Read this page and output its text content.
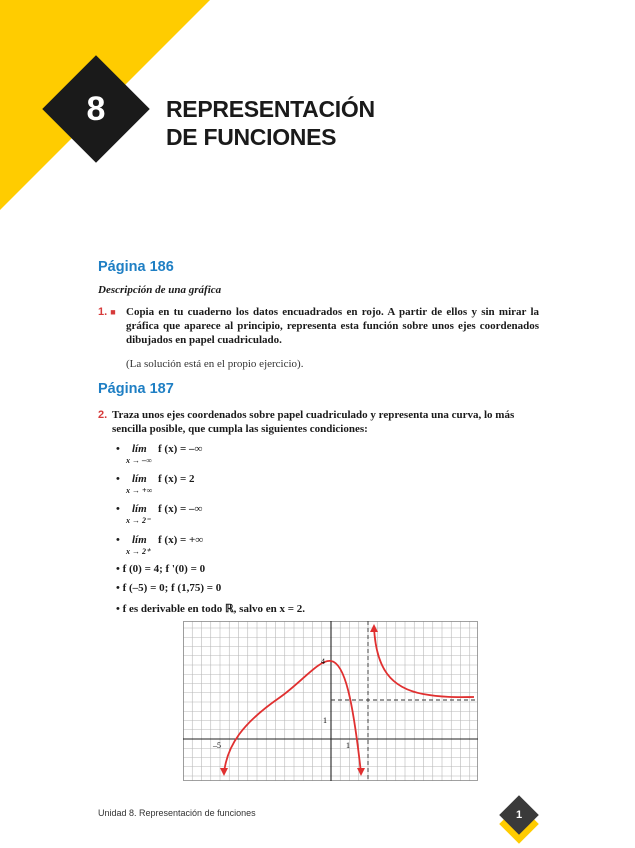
8	REPRESENTACIÓN
DE FUNCIONES
Página 186
Descripción de una gráfica
1. ■ Copia en tu cuaderno los datos encuadrados en rojo. A partir de ellos y sin mirar la gráfica que aparece al principio, representa esta función sobre unos ejes coordenados dibujados en papel cuadriculado.
(La solución está en el propio ejercicio).
Página 187
2. Traza unos ejes coordenados sobre papel cuadriculado y representa una curva, lo más sencilla posible, que cumpla las siguientes condiciones:
• lím
x → –∞
f (x) = –∞
• lím
x → +∞
f (x) = 2
• lím
x → 2⁻
f (x) = –∞
• lím
x → 2⁺
f (x) = +∞
• f (0) = 4; f '(0) = 0
• f (–5) = 0; f (1,75) = 0
• f es derivable en todo ℝ, salvo en x = 2.
4
1
–5	1
Unidad 8. Representación de funciones	1
